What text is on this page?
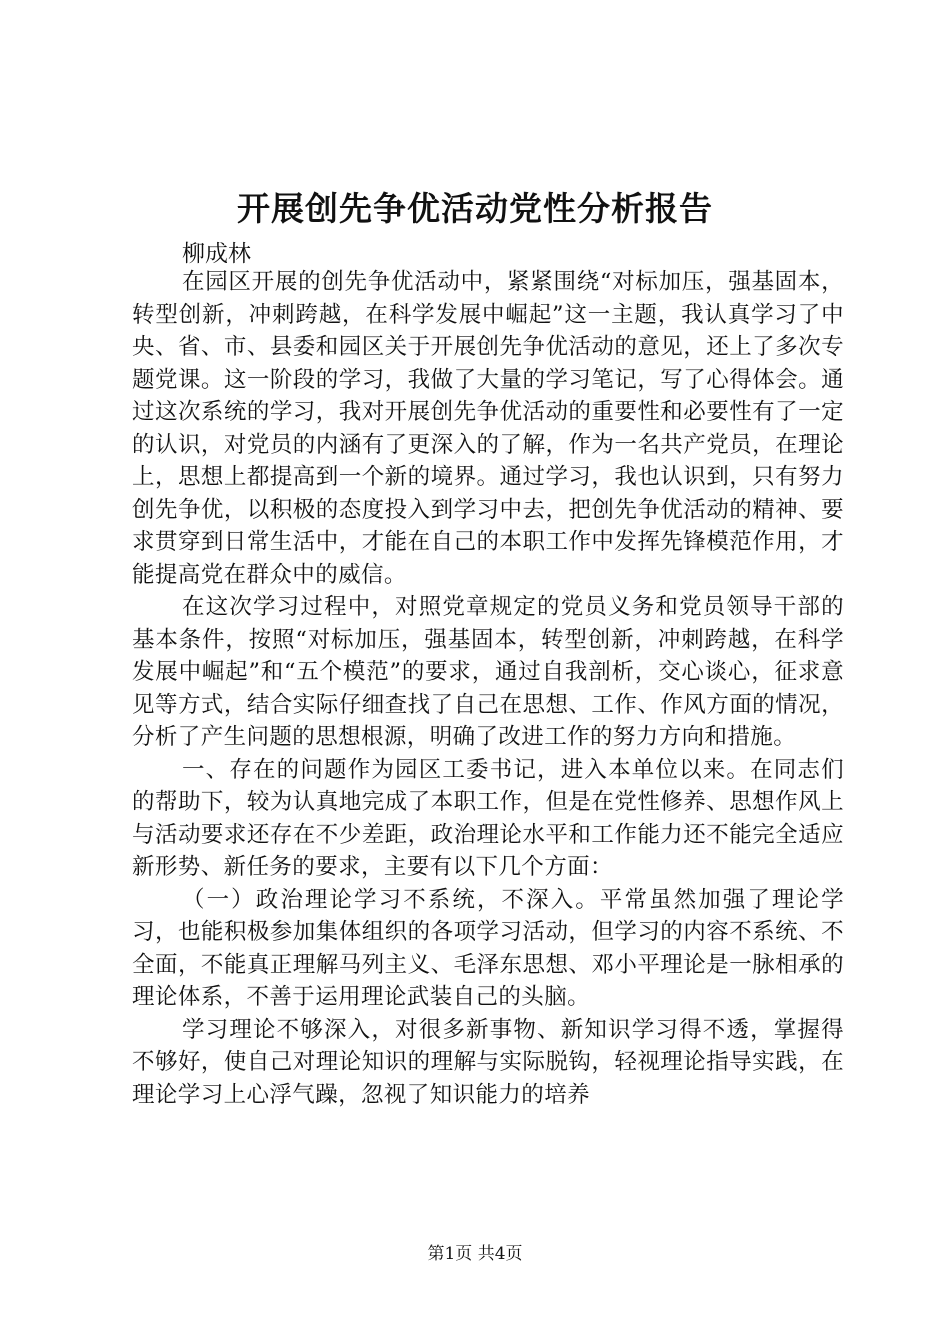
开展创先争优活动党性分析报告
柳成林

在园区开展的创先争优活动中，紧紧围绕“对标加压，强基固本，转型创新，冲刺跨越，在科学发展中崛起”这一主题，我认真学习了中央、省、市、县委和园区关于开展创先争优活动的意见，还上了多次专题党课。这一阶段的学习，我做了大量的学习笔记，写了心得体会。通过这次系统的学习，我对开展创先争优活动的重要性和必要性有了一定的认识，对党员的内涵有了更深入的了解，作为一名共产党员，在理论上，思想上都提高到一个新的境界。通过学习，我也认识到，只有努力创先争优，以积极的态度投入到学习中去，把创先争优活动的精神、要求贯穿到日常生活中，才能在自己的本职工作中发挥先锋模范作用，才能提高党在群众中的威信。

在这次学习过程中，对照党章规定的党员义务和党员领导干部的基本条件，按照“对标加压，强基固本，转型创新，冲刺跨越，在科学发展中崛起”和“五个模范”的要求，通过自我剖析，交心谈心，征求意见等方式，结合实际仔细查找了自己在思想、工作、作风方面的情况，分析了产生问题的思想根源，明确了改进工作的努力方向和措施。

一、存在的问题作为园区工委书记，进入本单位以来。在同志们的帮助下，较为认真地完成了本职工作，但是在党性修养、思想作风上与活动要求还存在不少差距，政治理论水平和工作能力还不能完全适应新形势、新任务的要求，主要有以下几个方面：

（一）政治理论学习不系统，不深入。平常虽然加强了理论学习，也能积极参加集体组织的各项学习活动，但学习的内容不系统、不全面，不能真正理解马列主义、毛泽东思想、邓小平理论是一脉相承的理论体系，不善于运用理论武装自己的头脑。

学习理论不够深入，对很多新事物、新知识学习得不透，掌握得不够好，使自己对理论知识的理解与实际脱钩，轻视理论指导实践，在理论学习上心浮气躁，忽视了知识能力的培养

第1页 共4页
